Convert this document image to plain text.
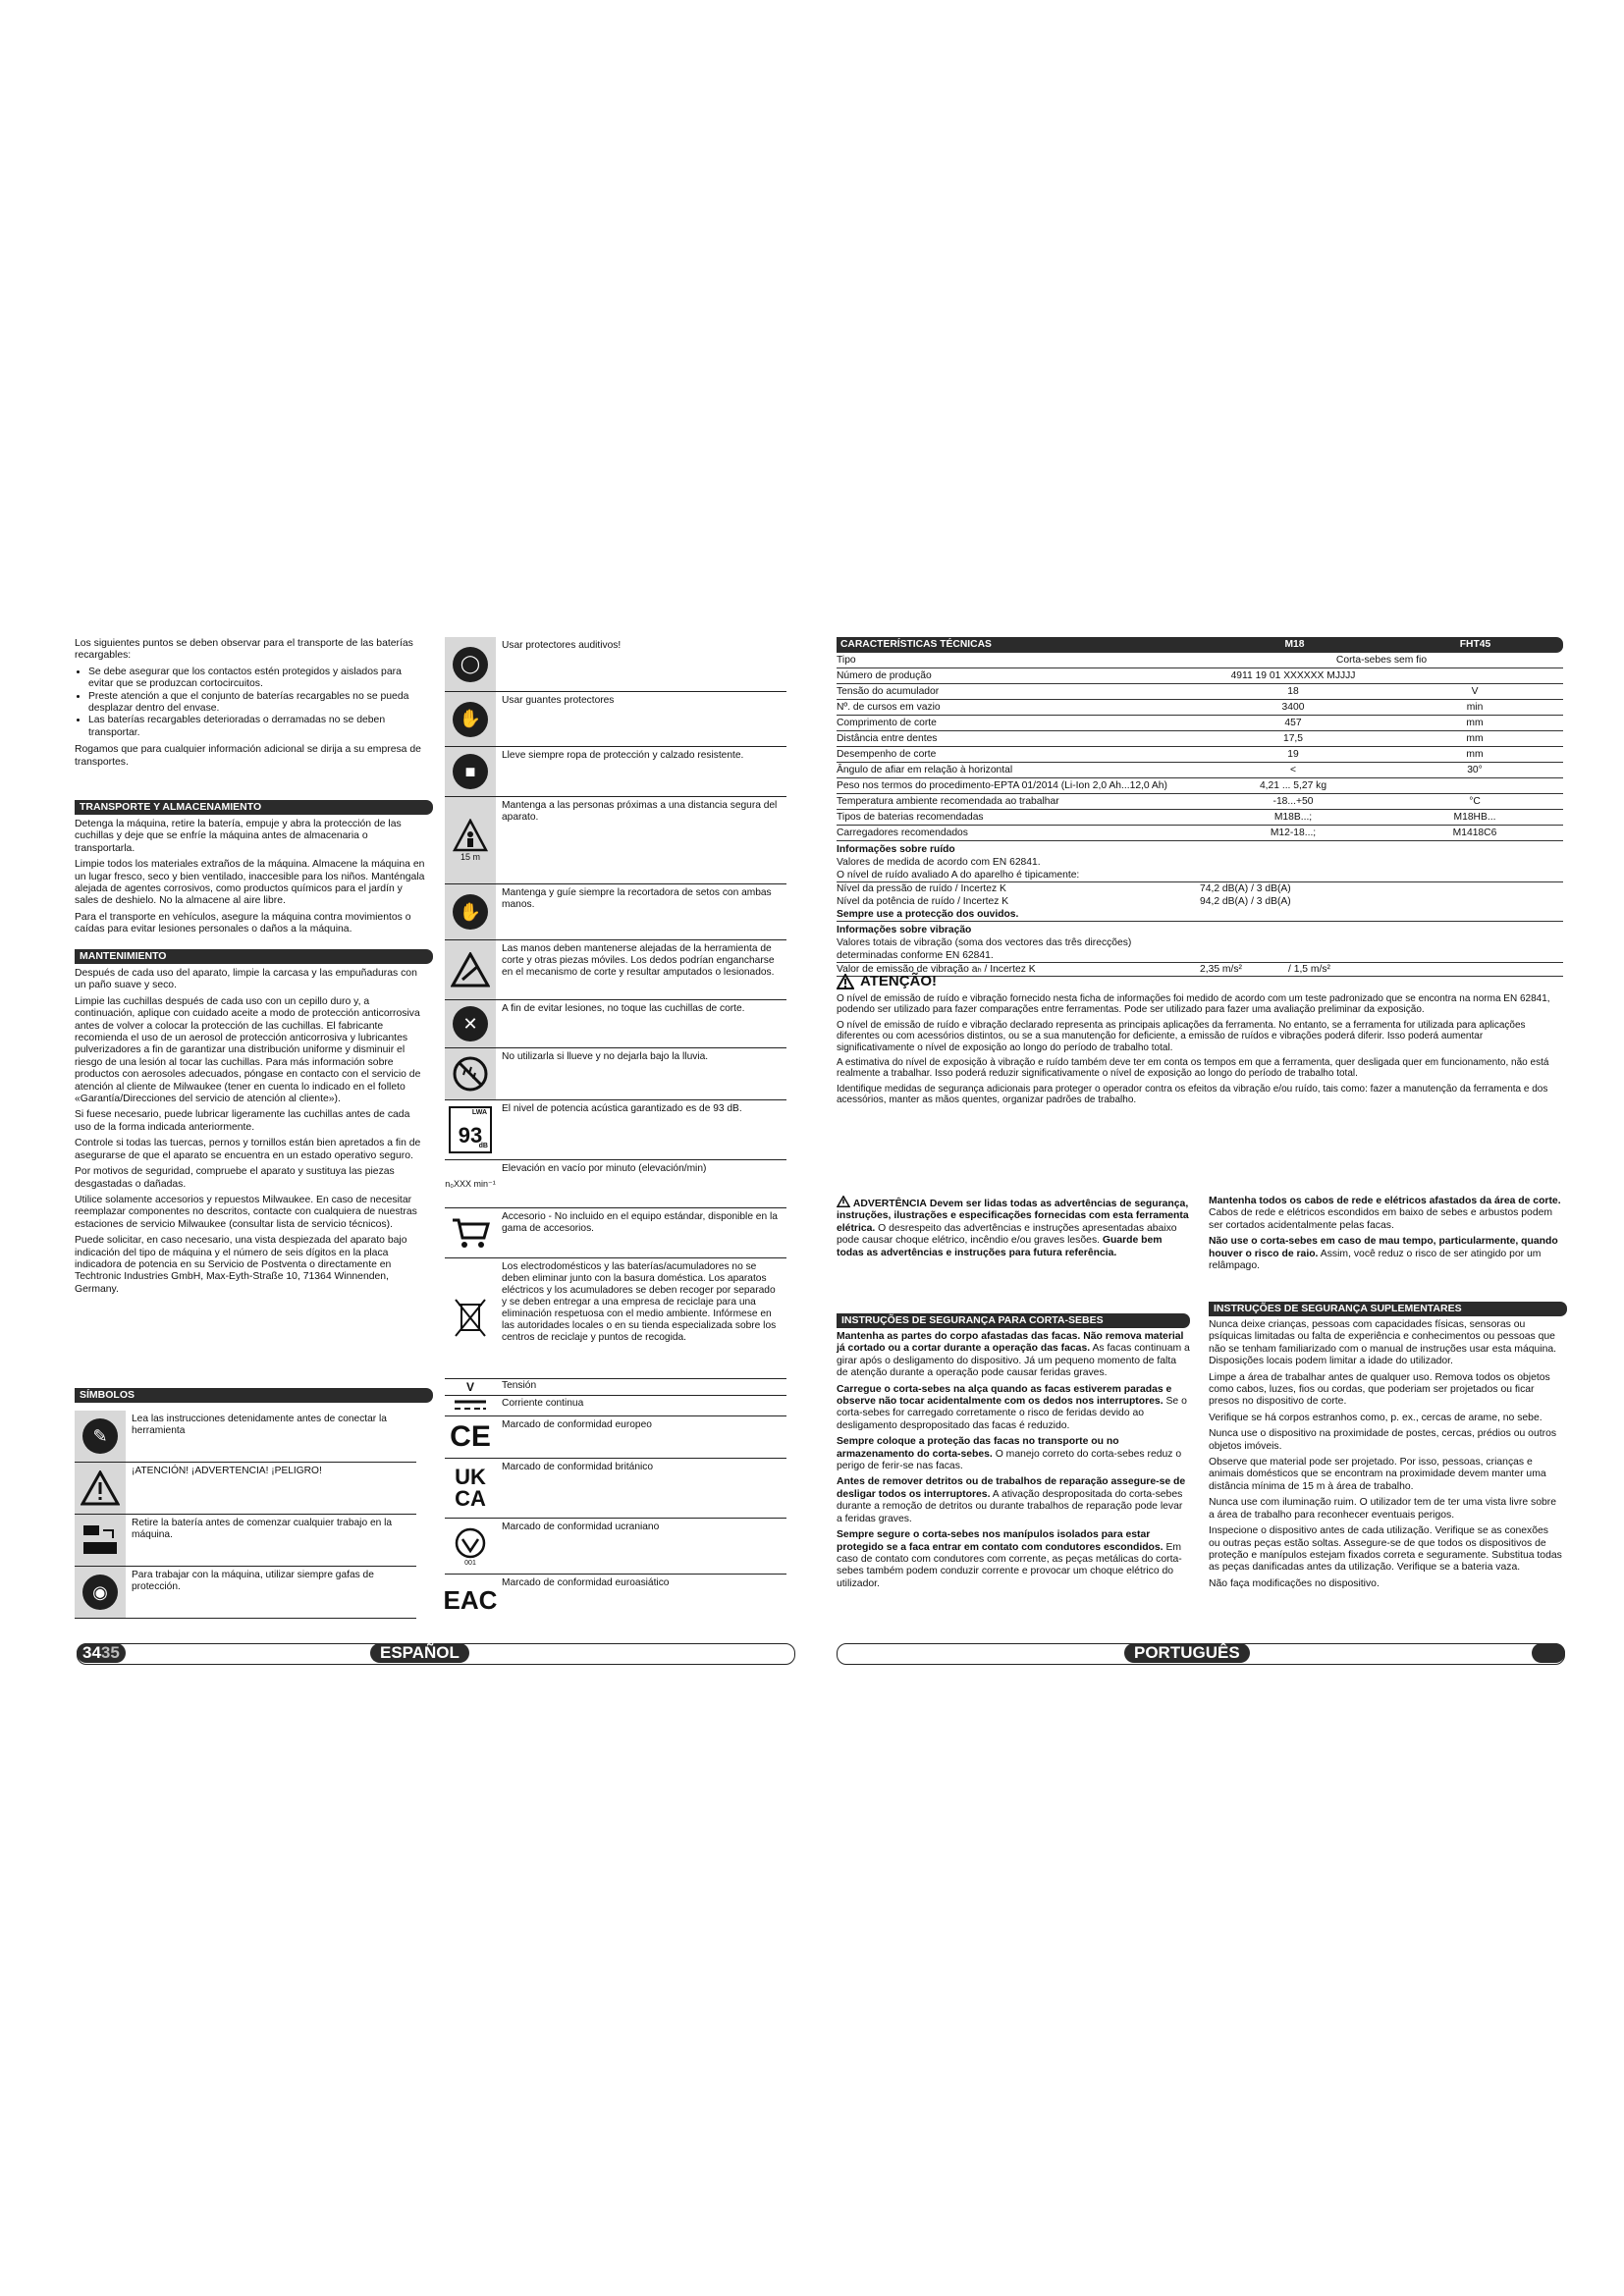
Los siguientes puntos se deben observar para el transporte de las baterías recargables:

• Se debe asegurar que los contactos estén protegidos y aislados para evitar que se produzcan cortocircuitos.
• Preste atención a que el conjunto de baterías recargables no se pueda desplazar dentro del envase.
• Las baterías recargables deterioradas o derramadas no se deben transportar.

Rogamos que para cualquier información adicional se dirija a su empresa de transportes.

TRANSPORTE Y ALMACENAMIENTO

Detenga la máquina, retire la batería, empuje y abra la protección de las cuchillas y deje que se enfríe la máquina antes de almacenaria o transportarla.

Limpie todos los materiales extraños de la máquina. Almacene la máquina en un lugar fresco, seco y bien ventilado, inaccesible para los niños. Manténgala alejada de agentes corrosivos, como productos químicos para el jardín y sales de deshielo. No la almacene al aire libre.

Para el transporte en vehículos, asegure la máquina contra movimientos o caídas para evitar lesiones personales o daños a la máquina.

MANTENIMIENTO

Después de cada uso del aparato, limpie la carcasa y las empuñaduras con un paño suave y seco.

Limpie las cuchillas después de cada uso con un cepillo duro y, a continuación, aplique con cuidado aceite a modo de protección anticorrosiva antes de volver a colocar la protección de las cuchillas. El fabricante recomienda el uso de un aerosol de protección anticorrosiva y lubricantes pulverizadores a fin de garantizar una distribución uniforme y disminuir el riesgo de una lesión al tocar las cuchillas. Para más información sobre productos con aerosoles adecuados, póngase en contacto con el servicio de atención al cliente de Milwaukee (tener en cuenta lo indicado en el folleto «Garantía/Direcciones del servicio de atención al cliente»).

Si fuese necesario, puede lubricar ligeramente las cuchillas antes de cada uso de la forma indicada anteriormente.

Controle si todas las tuercas, pernos y tornillos están bien apretados a fin de asegurarse de que el aparato se encuentra en un estado operativo seguro.

Por motivos de seguridad, compruebe el aparato y sustituya las piezas desgastadas o dañadas.

Utilice solamente accesorios y repuestos Milwaukee. En caso de necesitar reemplazar componentes no descritos, contacte con cualquiera de nuestras estaciones de servicio Milwaukee (consultar lista de servicio técnicos).

Puede solicitar, en caso necesario, una vista despiezada del aparato bajo indicación del tipo de máquina y el número de seis dígitos en la placa indicadora de potencia en su Servicio de Postventa o directamente en Techtronic Industries GmbH, Max-Eyth-Straße 10, 71364 Winnenden, Germany.

SÍMBOLOS
✎
Lea las instrucciones detenidamente antes de conectar la herramienta
¡ATENCIÓN! ¡ADVERTENCIA! ¡PELIGRO!
Retire la batería antes de comenzar cualquier trabajo en la máquina.
◉
Para trabajar con la máquina, utilizar siempre gafas de protección.
◯
Usar protectores auditivos!
✋
Usar guantes protectores
■
Lleve siempre ropa de protección y calzado resistente.
15 m
Mantenga a las personas próximas a una distancia segura del aparato.
✋
Mantenga y guíe siempre la recortadora de setos con ambas manos.
Las manos deben mantenerse alejadas de la herramienta de corte y otras piezas móviles. Los dedos podrían engancharse en el mecanismo de corte y resultar amputados o lesionados.
✕
A fin de evitar lesiones, no toque las cuchillas de corte.
No utilizarla si llueve y no dejarla bajo la lluvia.
LWA
93
dB
El nivel de potencia acústica garantizado es de 93 dB.
n₀XXX min⁻¹
Elevación en vacío por minuto (elevación/min)
Accesorio - No incluido en el equipo estándar, disponible en la gama de accesorios.
Los electrodomésticos y las baterías/acumuladores no se deben eliminar junto con la basura doméstica. Los aparatos eléctricos y los acumuladores se deben recoger por separado y se deben entregar a una empresa de reciclaje para una eliminación respetuosa con el medio ambiente. Infórmese en las autoridades locales o en su tienda especializada sobre los centros de reciclaje y puntos de recogida.
V	Tensión
Corriente continua
CE	Marcado de conformidad europeo
UK CA
Marcado de conformidad británico
001
Marcado de conformidad ucraniano
EAC
Marcado de conformidad euroasiático
3435	ESPAÑOL
CARACTERÍSTICAS TÉCNICAS	M18	FHT45
Tipo	Corta-sebes sem fio
Número de produção	4911 19 01 XXXXXX MJJJJ
Tensão do acumulador	18	V
Nº. de cursos em vazio	3400	min
Comprimento de corte	457	mm
Distância entre dentes	17,5	mm
Desempenho de corte	19	mm
Ângulo de afiar em relação à horizontal	<	30°
Peso nos termos do procedimento-EPTA 01/2014 (Li-Ion 2,0 Ah...12,0 Ah)	4,21 ... 5,27 kg
Temperatura ambiente recomendada ao trabalhar	-18...+50	°C
Tipos de baterias recomendadas	M18B...;	M18HB...
Carregadores recomendados	M12-18...;	M1418C6
Informações sobre ruído
Valores de medida de acordo com EN 62841.
O nível de ruído avaliado A do aparelho é tipicamente:
Nível da pressão de ruído / Incertez K	74,2 dB(A) / 3 dB(A)
Nível da potência de ruído / Incertez K	94,2 dB(A) / 3 dB(A)
Sempre use a protecção dos ouvidos.
Informações sobre vibração
Valores totais de vibração (soma dos vectores das três direcções)
determinadas conforme EN 62841.
Valor de emissão de vibração aₕ / Incertez K	2,35 m/s²	/ 1,5 m/s²
ATENÇÃO!

O nível de emissão de ruído e vibração fornecido nesta ficha de informações foi medido de acordo com um teste padronizado que se encontra na norma EN 62841, podendo ser utilizado para fazer comparações entre ferramentas. Pode ser utilizado para fazer uma avaliação preliminar da exposição.

O nível de emissão de ruído e vibração declarado representa as principais aplicações da ferramenta. No entanto, se a ferramenta for utilizada para aplicações diferentes ou com acessórios distintos, ou se a sua manutenção for deficiente, a emissão de ruídos e vibrações poderá diferir. Isso poderá aumentar significativamente o nível de exposição ao longo do período de trabalho total.

A estimativa do nível de exposição à vibração e ruído também deve ter em conta os tempos em que a ferramenta, quer desligada quer em funcionamento, não está realmente a trabalhar. Isso poderá reduzir significativamente o nível de exposição ao longo do período de trabalho total.

Identifique medidas de segurança adicionais para proteger o operador contra os efeitos da vibração e/ou ruído, tais como: fazer a manutenção da ferramenta e dos acessórios, manter as mãos quentes, organizar padrões de trabalho.

ADVERTÊNCIA Devem ser lidas todas as advertências de segurança, instruções, ilustrações e especificações fornecidas com esta ferramenta elétrica. O desrespeito das advertências e instruções apresentadas abaixo pode causar choque elétrico, incêndio e/ou graves lesões. Guarde bem todas as advertências e instruções para futura referência.

INSTRUÇÕES DE SEGURANÇA PARA CORTA-SEBES

Mantenha as partes do corpo afastadas das facas. Não remova material já cortado ou a cortar durante a operação das facas. As facas continuam a girar após o desligamento do dispositivo. Já um pequeno momento de falta de atenção durante a operação pode causar feridas graves.

Carregue o corta-sebes na alça quando as facas estiverem paradas e observe não tocar acidentalmente com os dedos nos interruptores. Se o corta-sebes for carregado corretamente o risco de feridas devido ao desligamento despropositado das facas é reduzido.

Sempre coloque a proteção das facas no transporte ou no armazenamento do corta-sebes. O manejo correto do corta-sebes reduz o perigo de ferir-se nas facas.

Antes de remover detritos ou de trabalhos de reparação assegure-se de desligar todos os interruptores. A ativação despropositada do corta-sebes durante a remoção de detritos ou durante trabalhos de reparação pode levar a feridas graves.

Sempre segure o corta-sebes nos manípulos isolados para estar protegido se a faca entrar em contato com condutores escondidos. Em caso de contato com condutores com corrente, as peças metálicas do corta-sebes também podem conduzir corrente e provocar um choque elétrico do utilizador.

Mantenha todos os cabos de rede e elétricos afastados da área de corte. Cabos de rede e elétricos escondidos em baixo de sebes e arbustos podem ser cortados acidentalmente pelas facas.

Não use o corta-sebes em caso de mau tempo, particularmente, quando houver o risco de raio. Assim, você reduz o risco de ser atingido por um relâmpago.

INSTRUÇÕES DE SEGURANÇA SUPLEMENTARES

Nunca deixe crianças, pessoas com capacidades físicas, sensoras ou psíquicas limitadas ou falta de experiência e conhecimentos ou pessoas que não se tenham familiarizado com o manual de instruções usar esta máquina. Disposições locais podem limitar a idade do utilizador.

Limpe a área de trabalhar antes de qualquer uso. Remova todos os objetos como cabos, luzes, fios ou cordas, que poderiam ser projetados ou ficar presos no dispositivo de corte.

Verifique se há corpos estranhos como, p. ex., cercas de arame, no sebe.

Nunca use o dispositivo na proximidade de postes, cercas, prédios ou outros objetos imóveis.

Observe que material pode ser projetado. Por isso, pessoas, crianças e animais domésticos que se encontram na proximidade devem manter uma distância mínima de 15 m à área de trabalho.

Nunca use com iluminação ruim. O utilizador tem de ter uma vista livre sobre a área de trabalho para reconhecer eventuais perigos.

Inspecione o dispositivo antes de cada utilização. Verifique se as conexões ou outras peças estão soltas. Assegure-se de que todos os dispositivos de proteção e manípulos estejam fixados correta e seguramente. Substitua todas as peças danificadas antes da utilização. Verifique se a bateria vaza.

Não faça modificações no dispositivo.

PORTUGUÊS
